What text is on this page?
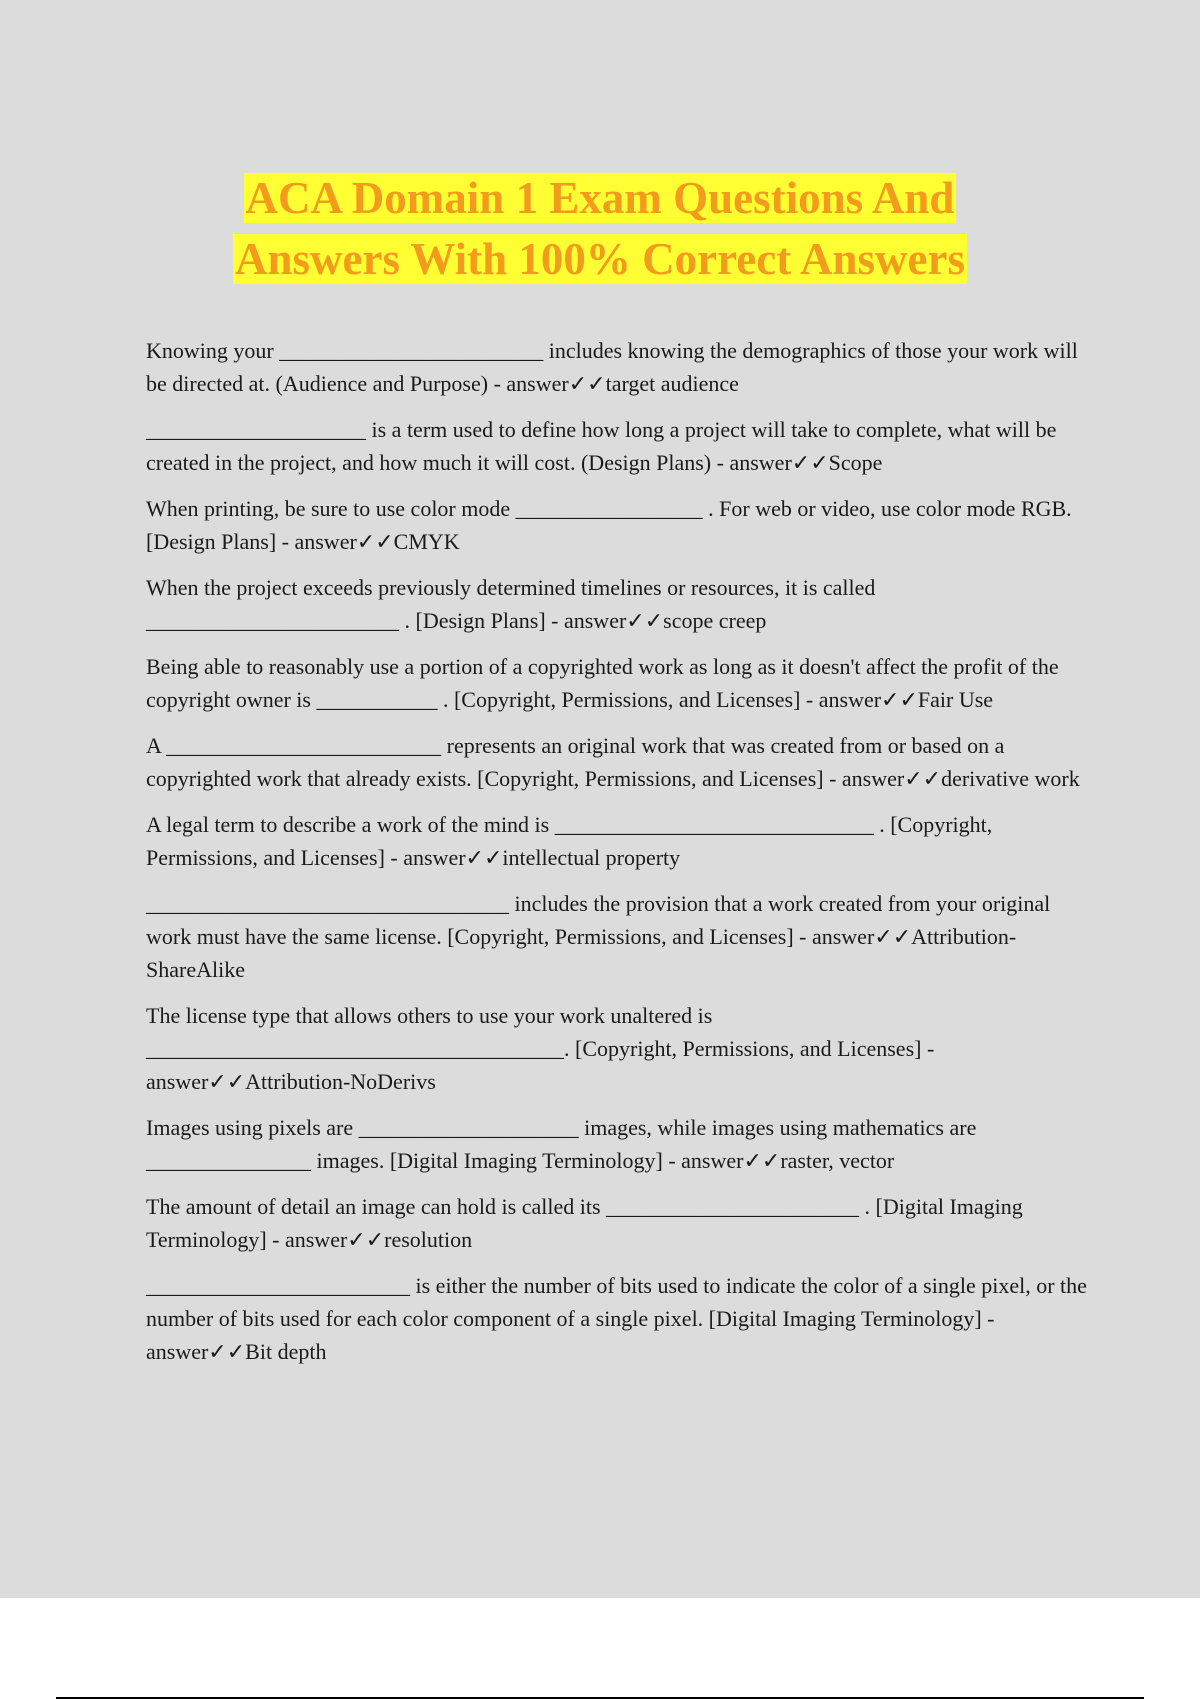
ACA Domain 1 Exam Questions And
Answers With 100% Correct Answers

Knowing your ________________________ includes knowing the demographics of those your work will be directed at. (Audience and Purpose) - answer✓✓target audience

____________________ is a term used to define how long a project will take to complete, what will be created in the project, and how much it will cost. (Design Plans) - answer✓✓Scope

When printing, be sure to use color mode _________________ . For web or video, use color mode RGB. [Design Plans] - answer✓✓CMYK

When the project exceeds previously determined timelines or resources, it is called _______________________ . [Design Plans] - answer✓✓scope creep

Being able to reasonably use a portion of a copyrighted work as long as it doesn't affect the profit of the copyright owner is ___________ . [Copyright, Permissions, and Licenses] - answer✓✓Fair Use

A _________________________ represents an original work that was created from or based on a copyrighted work that already exists. [Copyright, Permissions, and Licenses] - answer✓✓derivative work

A legal term to describe a work of the mind is _____________________________ . [Copyright, Permissions, and Licenses] - answer✓✓intellectual property

_________________________________ includes the provision that a work created from your original work must have the same license. [Copyright, Permissions, and Licenses] - answer✓✓Attribution-ShareAlike

The license type that allows others to use your work unaltered is ______________________________________. [Copyright, Permissions, and Licenses] - answer✓✓Attribution-NoDerivs

Images using pixels are ____________________ images, while images using mathematics are _______________ images. [Digital Imaging Terminology] - answer✓✓raster, vector

The amount of detail an image can hold is called its _______________________ . [Digital Imaging Terminology] - answer✓✓resolution

________________________ is either the number of bits used to indicate the color of a single pixel, or the number of bits used for each color component of a single pixel. [Digital Imaging Terminology] - answer✓✓Bit depth
